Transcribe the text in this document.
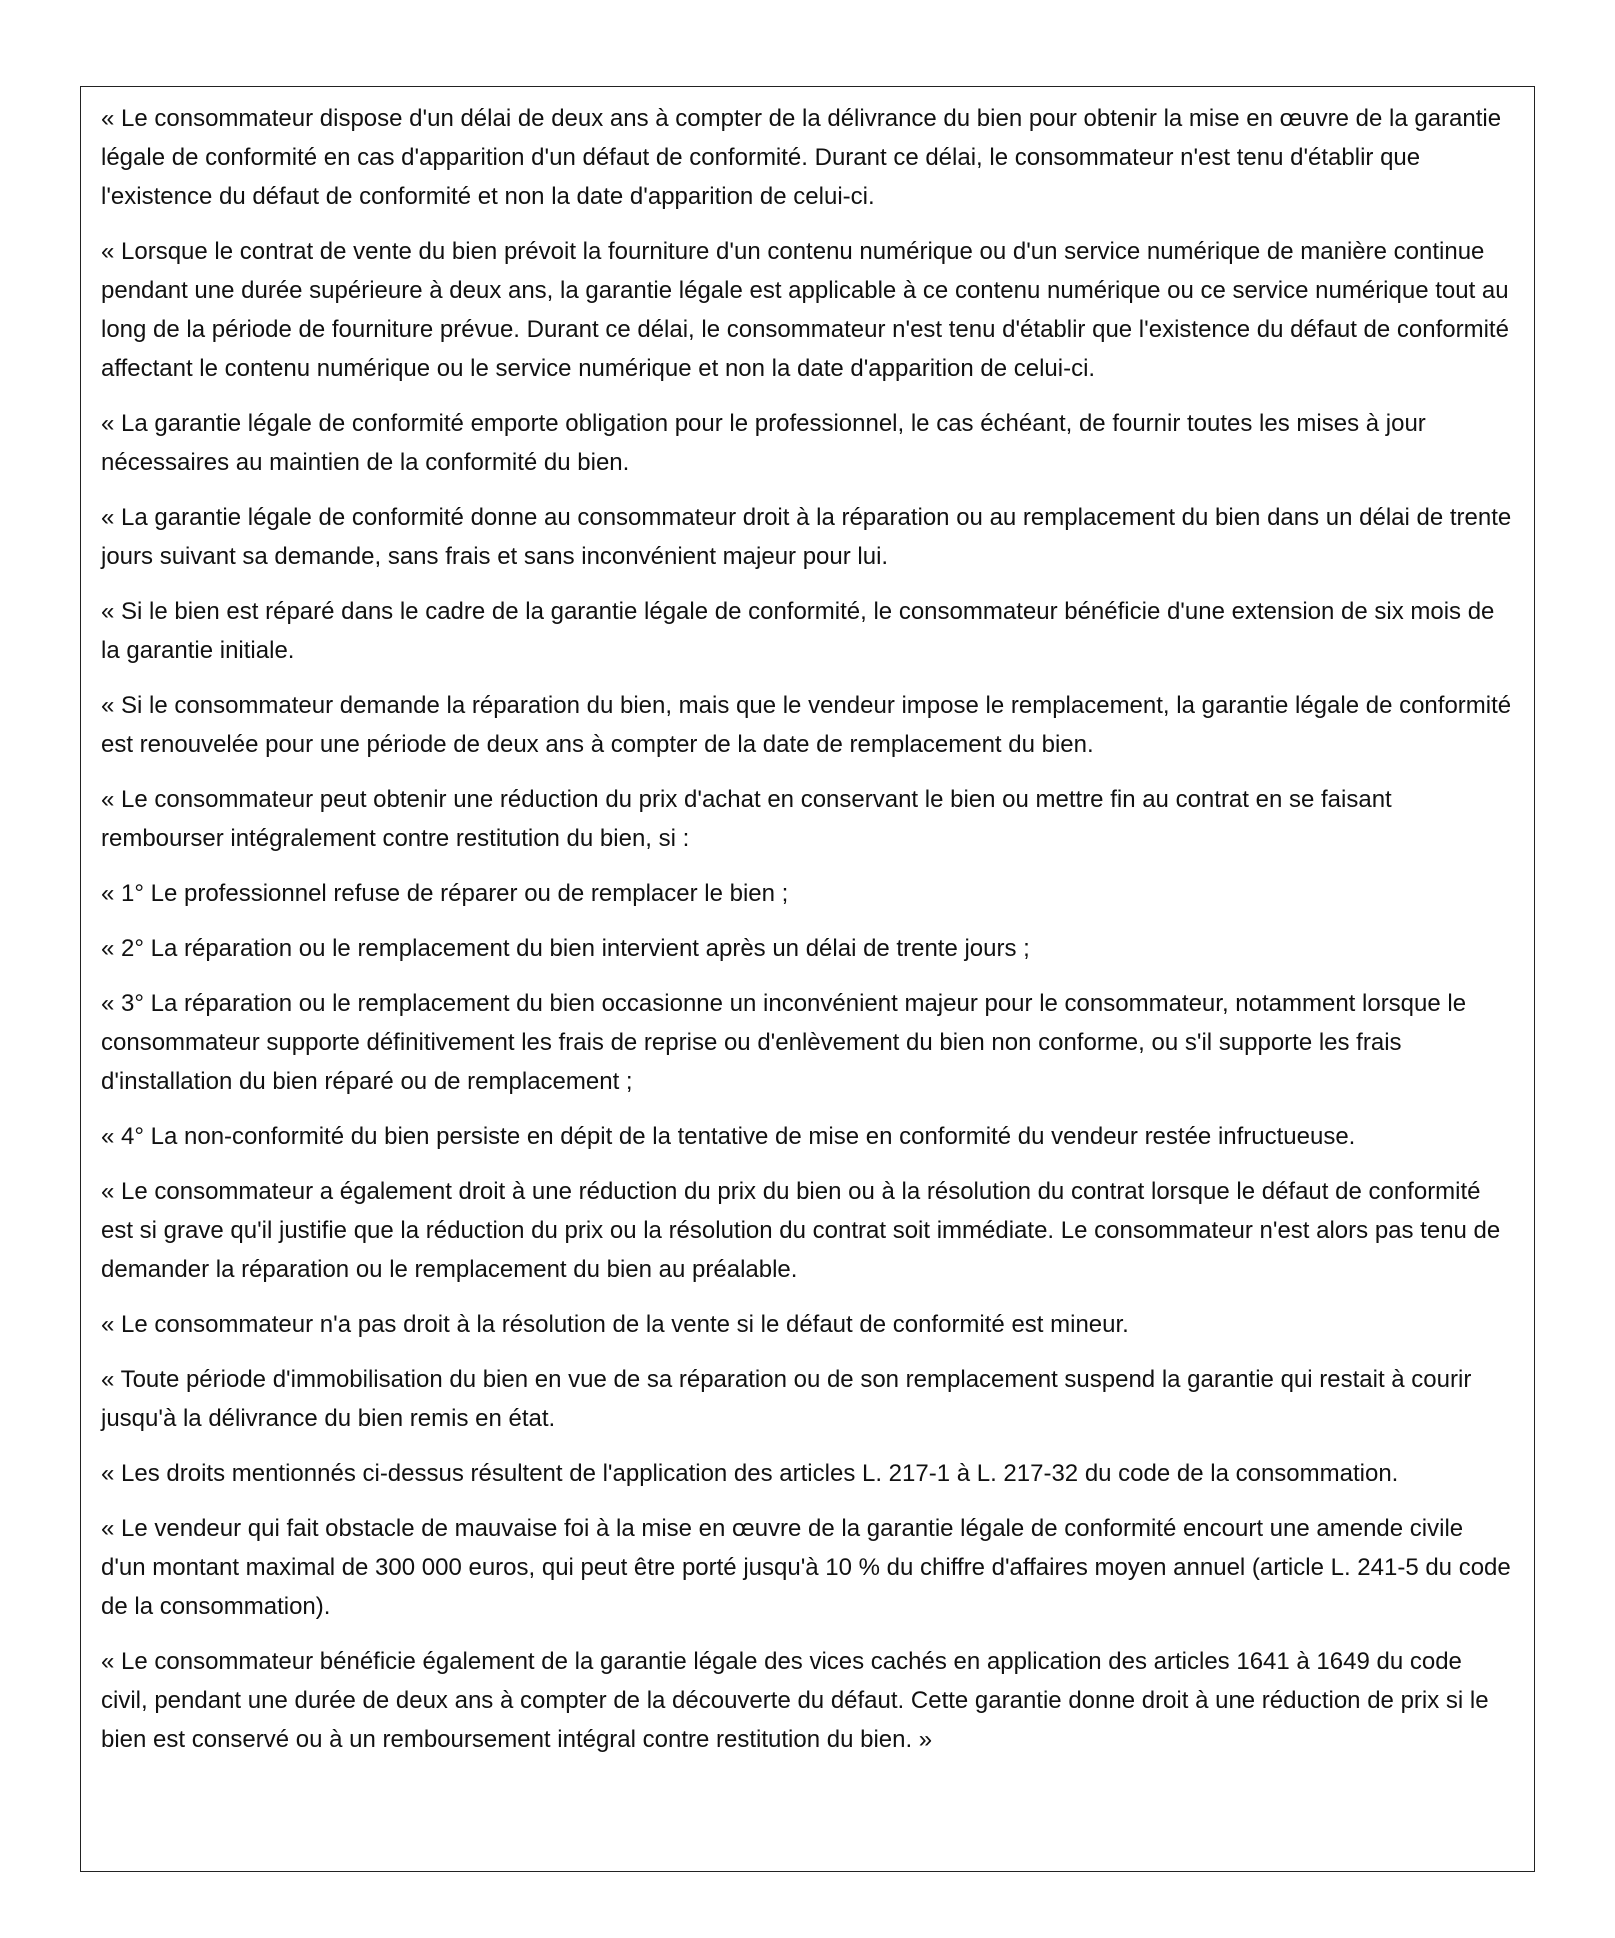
« Le consommateur dispose d'un délai de deux ans à compter de la délivrance du bien pour obtenir la mise en œuvre de la garantie légale de conformité en cas d'apparition d'un défaut de conformité. Durant ce délai, le consommateur n'est tenu d'établir que l'existence du défaut de conformité et non la date d'apparition de celui-ci.

« Lorsque le contrat de vente du bien prévoit la fourniture d'un contenu numérique ou d'un service numérique de manière continue pendant une durée supérieure à deux ans, la garantie légale est applicable à ce contenu numérique ou ce service numérique tout au long de la période de fourniture prévue. Durant ce délai, le consommateur n'est tenu d'établir que l'existence du défaut de conformité affectant le contenu numérique ou le service numérique et non la date d'apparition de celui-ci.

« La garantie légale de conformité emporte obligation pour le professionnel, le cas échéant, de fournir toutes les mises à jour nécessaires au maintien de la conformité du bien.

« La garantie légale de conformité donne au consommateur droit à la réparation ou au remplacement du bien dans un délai de trente jours suivant sa demande, sans frais et sans inconvénient majeur pour lui.

« Si le bien est réparé dans le cadre de la garantie légale de conformité, le consommateur bénéficie d'une extension de six mois de la garantie initiale.

« Si le consommateur demande la réparation du bien, mais que le vendeur impose le remplacement, la garantie légale de conformité est renouvelée pour une période de deux ans à compter de la date de remplacement du bien.

« Le consommateur peut obtenir une réduction du prix d'achat en conservant le bien ou mettre fin au contrat en se faisant rembourser intégralement contre restitution du bien, si :

« 1° Le professionnel refuse de réparer ou de remplacer le bien ;

« 2° La réparation ou le remplacement du bien intervient après un délai de trente jours ;

« 3° La réparation ou le remplacement du bien occasionne un inconvénient majeur pour le consommateur, notamment lorsque le consommateur supporte définitivement les frais de reprise ou d'enlèvement du bien non conforme, ou s'il supporte les frais d'installation du bien réparé ou de remplacement ;

« 4° La non-conformité du bien persiste en dépit de la tentative de mise en conformité du vendeur restée infructueuse.

« Le consommateur a également droit à une réduction du prix du bien ou à la résolution du contrat lorsque le défaut de conformité est si grave qu'il justifie que la réduction du prix ou la résolution du contrat soit immédiate. Le consommateur n'est alors pas tenu de demander la réparation ou le remplacement du bien au préalable.

« Le consommateur n'a pas droit à la résolution de la vente si le défaut de conformité est mineur.

« Toute période d'immobilisation du bien en vue de sa réparation ou de son remplacement suspend la garantie qui restait à courir jusqu'à la délivrance du bien remis en état.

« Les droits mentionnés ci-dessus résultent de l'application des articles L. 217-1 à L. 217-32 du code de la consommation.

« Le vendeur qui fait obstacle de mauvaise foi à la mise en œuvre de la garantie légale de conformité encourt une amende civile d'un montant maximal de 300 000 euros, qui peut être porté jusqu'à 10 % du chiffre d'affaires moyen annuel (article L. 241-5 du code de la consommation).

« Le consommateur bénéficie également de la garantie légale des vices cachés en application des articles 1641 à 1649 du code civil, pendant une durée de deux ans à compter de la découverte du défaut. Cette garantie donne droit à une réduction de prix si le bien est conservé ou à un remboursement intégral contre restitution du bien. »
